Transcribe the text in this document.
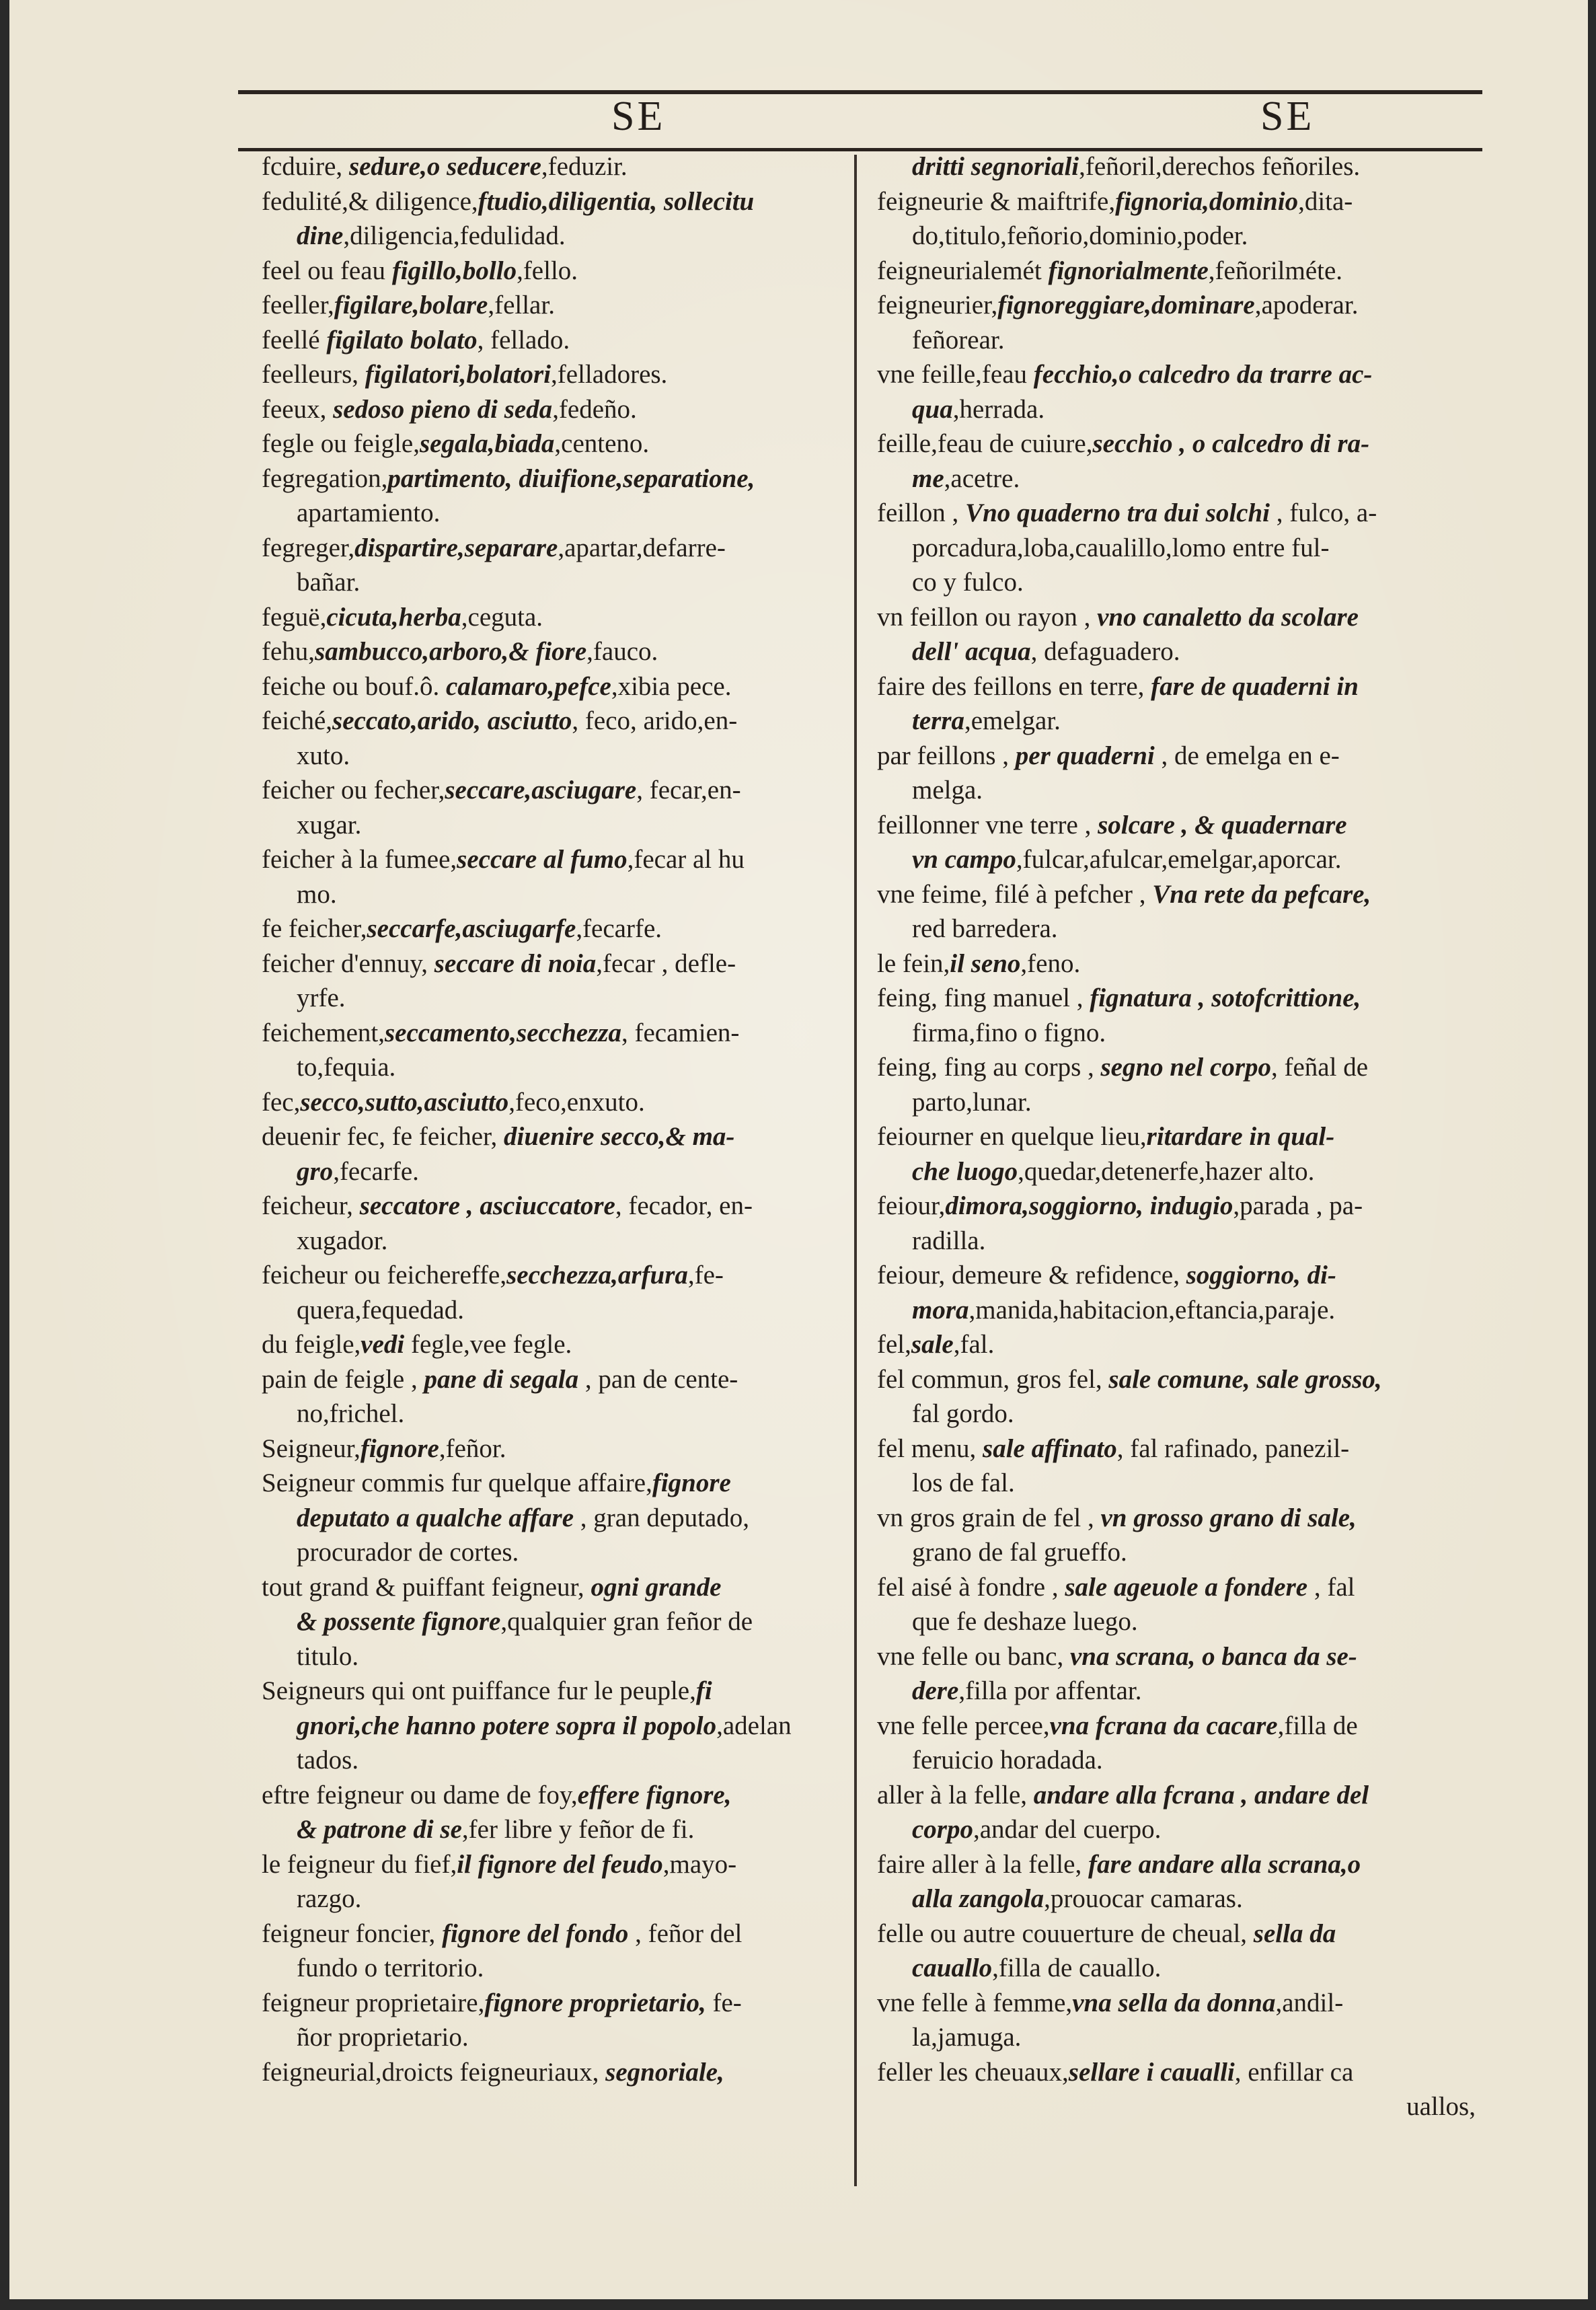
SE	SE
fcduire, sedure,o seducere,feduzir.
fedulité,& diligence,ftudio,diligentia, sollecitu
dine,diligencia,fedulidad.
feel ou feau figillo,bollo,fello.
feeller,figilare,bolare,fellar.
feellé figilato bolato, fellado.
feelleurs, figilatori,bolatori,felladores.
feeux, sedoso pieno di seda,fedeño.
fegle ou feigle,segala,biada,centeno.
fegregation,partimento, diuifione,separatione,
apartamiento.
fegreger,dispartire,separare,apartar,defarre-
bañar.
feguë,cicuta,herba,ceguta.
fehu,sambucco,arboro,& fiore,fauco.
feiche ou bouf.ô. calamaro,pefce,xibia pece.
feiché,seccato,arido, asciutto, feco, arido,en-
xuto.
feicher ou fecher,seccare,asciugare, fecar,en-
xugar.
feicher à la fumee,seccare al fumo,fecar al hu
mo.
fe feicher,seccarfe,asciugarfe,fecarfe.
feicher d'ennuy, seccare di noia,fecar , defle-
yrfe.
feichement,seccamento,secchezza, fecamien-
to,fequia.
fec,secco,sutto,asciutto,feco,enxuto.
deuenir fec, fe feicher, diuenire secco,& ma-
gro,fecarfe.
feicheur, seccatore , asciuccatore, fecador, en-
xugador.
feicheur ou feichereffe,secchezza,arfura,fe-
quera,fequedad.
du feigle,vedi fegle,vee fegle.
pain de feigle , pane di segala , pan de cente-
no,frichel.
Seigneur,fignore,feñor.
Seigneur commis fur quelque affaire,fignore
deputato a qualche affare , gran deputado,
procurador de cortes.
tout grand & puiffant feigneur, ogni grande
& possente fignore,qualquier gran feñor de
titulo.
Seigneurs qui ont puiffance fur le peuple,fi
gnori,che hanno potere sopra il popolo,adelan
tados.
eftre feigneur ou dame de foy,effere fignore,
& patrone di se,fer libre y feñor de fi.
le feigneur du fief,il fignore del feudo,mayo-
razgo.
feigneur foncier, fignore del fondo , feñor del
fundo o territorio.
feigneur proprietaire,fignore proprietario, fe-
ñor proprietario.
feigneurial,droicts feigneuriaux, segnoriale,
dritti segnoriali,feñoril,derechos feñoriles.
feigneurie & maiftrife,fignoria,dominio,dita-
do,titulo,feñorio,dominio,poder.
feigneurialemét fignorialmente,feñorilméte.
feigneurier,fignoreggiare,dominare,apoderar.
feñorear.
vne feille,feau fecchio,o calcedro da trarre ac-
qua,herrada.
feille,feau de cuiure,secchio , o calcedro di ra-
me,acetre.
feillon , Vno quaderno tra dui solchi , fulco, a-
porcadura,loba,caualillo,lomo entre ful-
co y fulco.
vn feillon ou rayon , vno canaletto da scolare
dell' acqua, defaguadero.
faire des feillons en terre, fare de quaderni in
terra,emelgar.
par feillons , per quaderni , de emelga en e-
melga.
feillonner vne terre , solcare , & quadernare
vn campo,fulcar,afulcar,emelgar,aporcar.
vne feime, filé à pefcher , Vna rete da pefcare,
red barredera.
le fein,il seno,feno.
feing, fing manuel , fignatura , sotofcrittione,
firma,fino o figno.
feing, fing au corps , segno nel corpo, feñal de
parto,lunar.
feiourner en quelque lieu,ritardare in qual-
che luogo,quedar,detenerfe,hazer alto.
feiour,dimora,soggiorno, indugio,parada , pa-
radilla.
feiour, demeure & refidence, soggiorno, di-
mora,manida,habitacion,eftancia,paraje.
fel,sale,fal.
fel commun, gros fel, sale comune, sale grosso,
fal gordo.
fel menu, sale affinato, fal rafinado, panezil-
los de fal.
vn gros grain de fel , vn grosso grano di sale,
grano de fal grueffo.
fel aisé à fondre , sale ageuole a fondere , fal
que fe deshaze luego.
vne felle ou banc, vna scrana, o banca da se-
dere,filla por affentar.
vne felle percee,vna fcrana da cacare,filla de
feruicio horadada.
aller à la felle, andare alla fcrana , andare del
corpo,andar del cuerpo.
faire aller à la felle, fare andare alla scrana,o
alla zangola,prouocar camaras.
felle ou autre couuerture de cheual, sella da
cauallo,filla de cauallo.
vne felle à femme,vna sella da donna,andil-
la,jamuga.
feller les cheuaux,sellare i caualli, enfillar ca
uallos,
